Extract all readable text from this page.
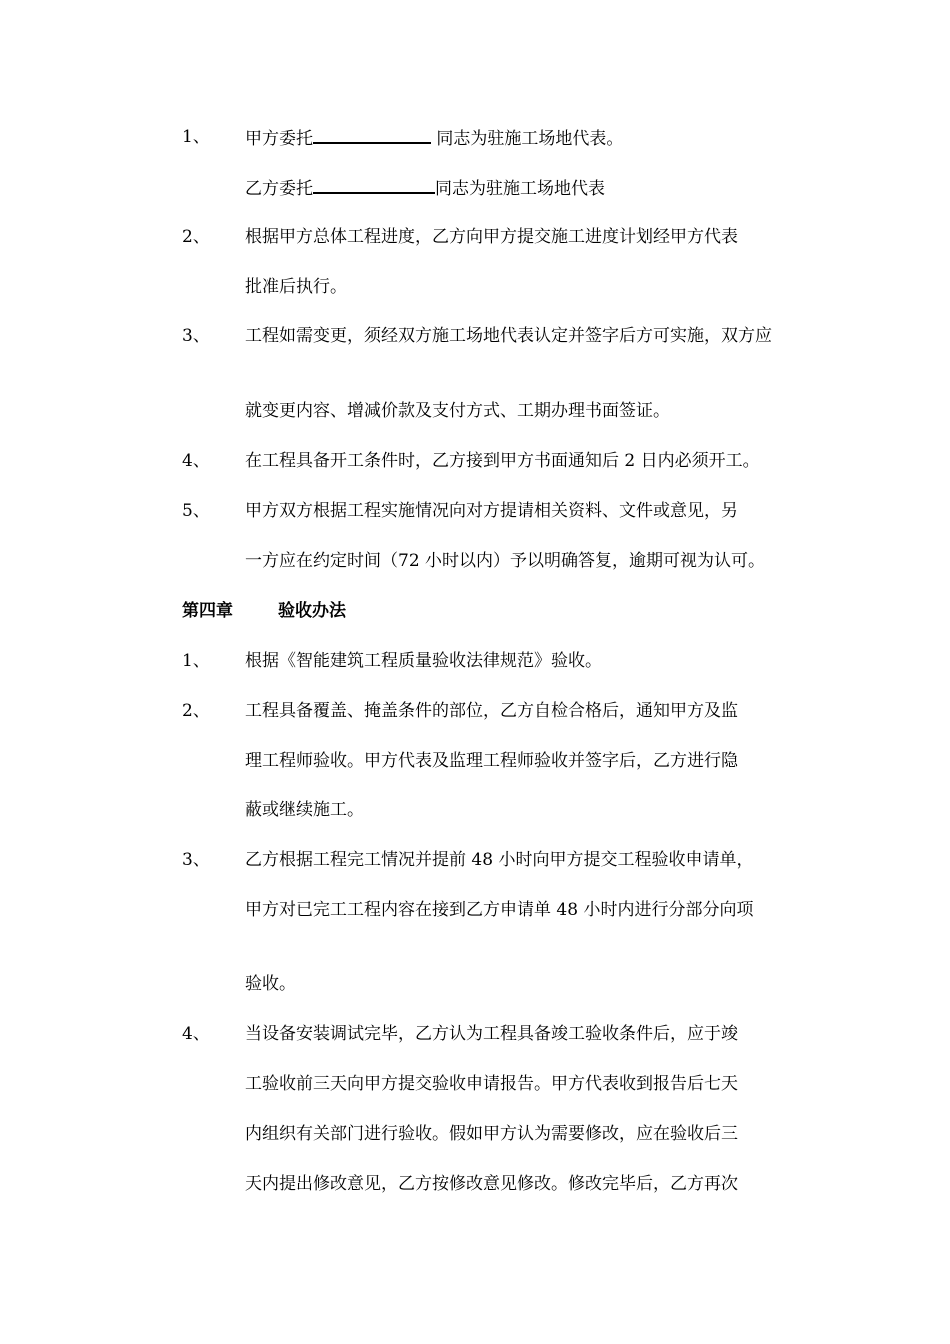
1、 甲方委托	同志为驻施工场地代表。
乙方委托	同志为驻施工场地代表
2、 根据甲方总体工程进度，乙方向甲方提交施工进度计划经甲方代表
批准后执行。
3、 工程如需变更，须经双方施工场地代表认定并签字后方可实施，双方应
就变更内容、增减价款及支付方式、工期办理书面签证。
4、 在工程具备开工条件时，乙方接到甲方书面通知后 2 日内必须开工。
5、 甲方双方根据工程实施情况向对方提请相关资料、文件或意见，另
一方应在约定时间（72 小时以内）予以明确答复，逾期可视为认可。
第四章	验收办法
1、 根据《智能建筑工程质量验收法律规范》验收。
2、 工程具备覆盖、掩盖条件的部位，乙方自检合格后，通知甲方及监
理工程师验收。甲方代表及监理工程师验收并签字后，乙方进行隐
蔽或继续施工。
3、 乙方根据工程完工情况并提前 48 小时向甲方提交工程验收申请单，
甲方对已完工工程内容在接到乙方申请单 48 小时内进行分部分向项
验收。
4、 当设备安装调试完毕，乙方认为工程具备竣工验收条件后，应于竣
工验收前三天向甲方提交验收申请报告。甲方代表收到报告后七天
内组织有关部门进行验收。假如甲方认为需要修改，应在验收后三
天内提出修改意见，乙方按修改意见修改。修改完毕后，乙方再次
